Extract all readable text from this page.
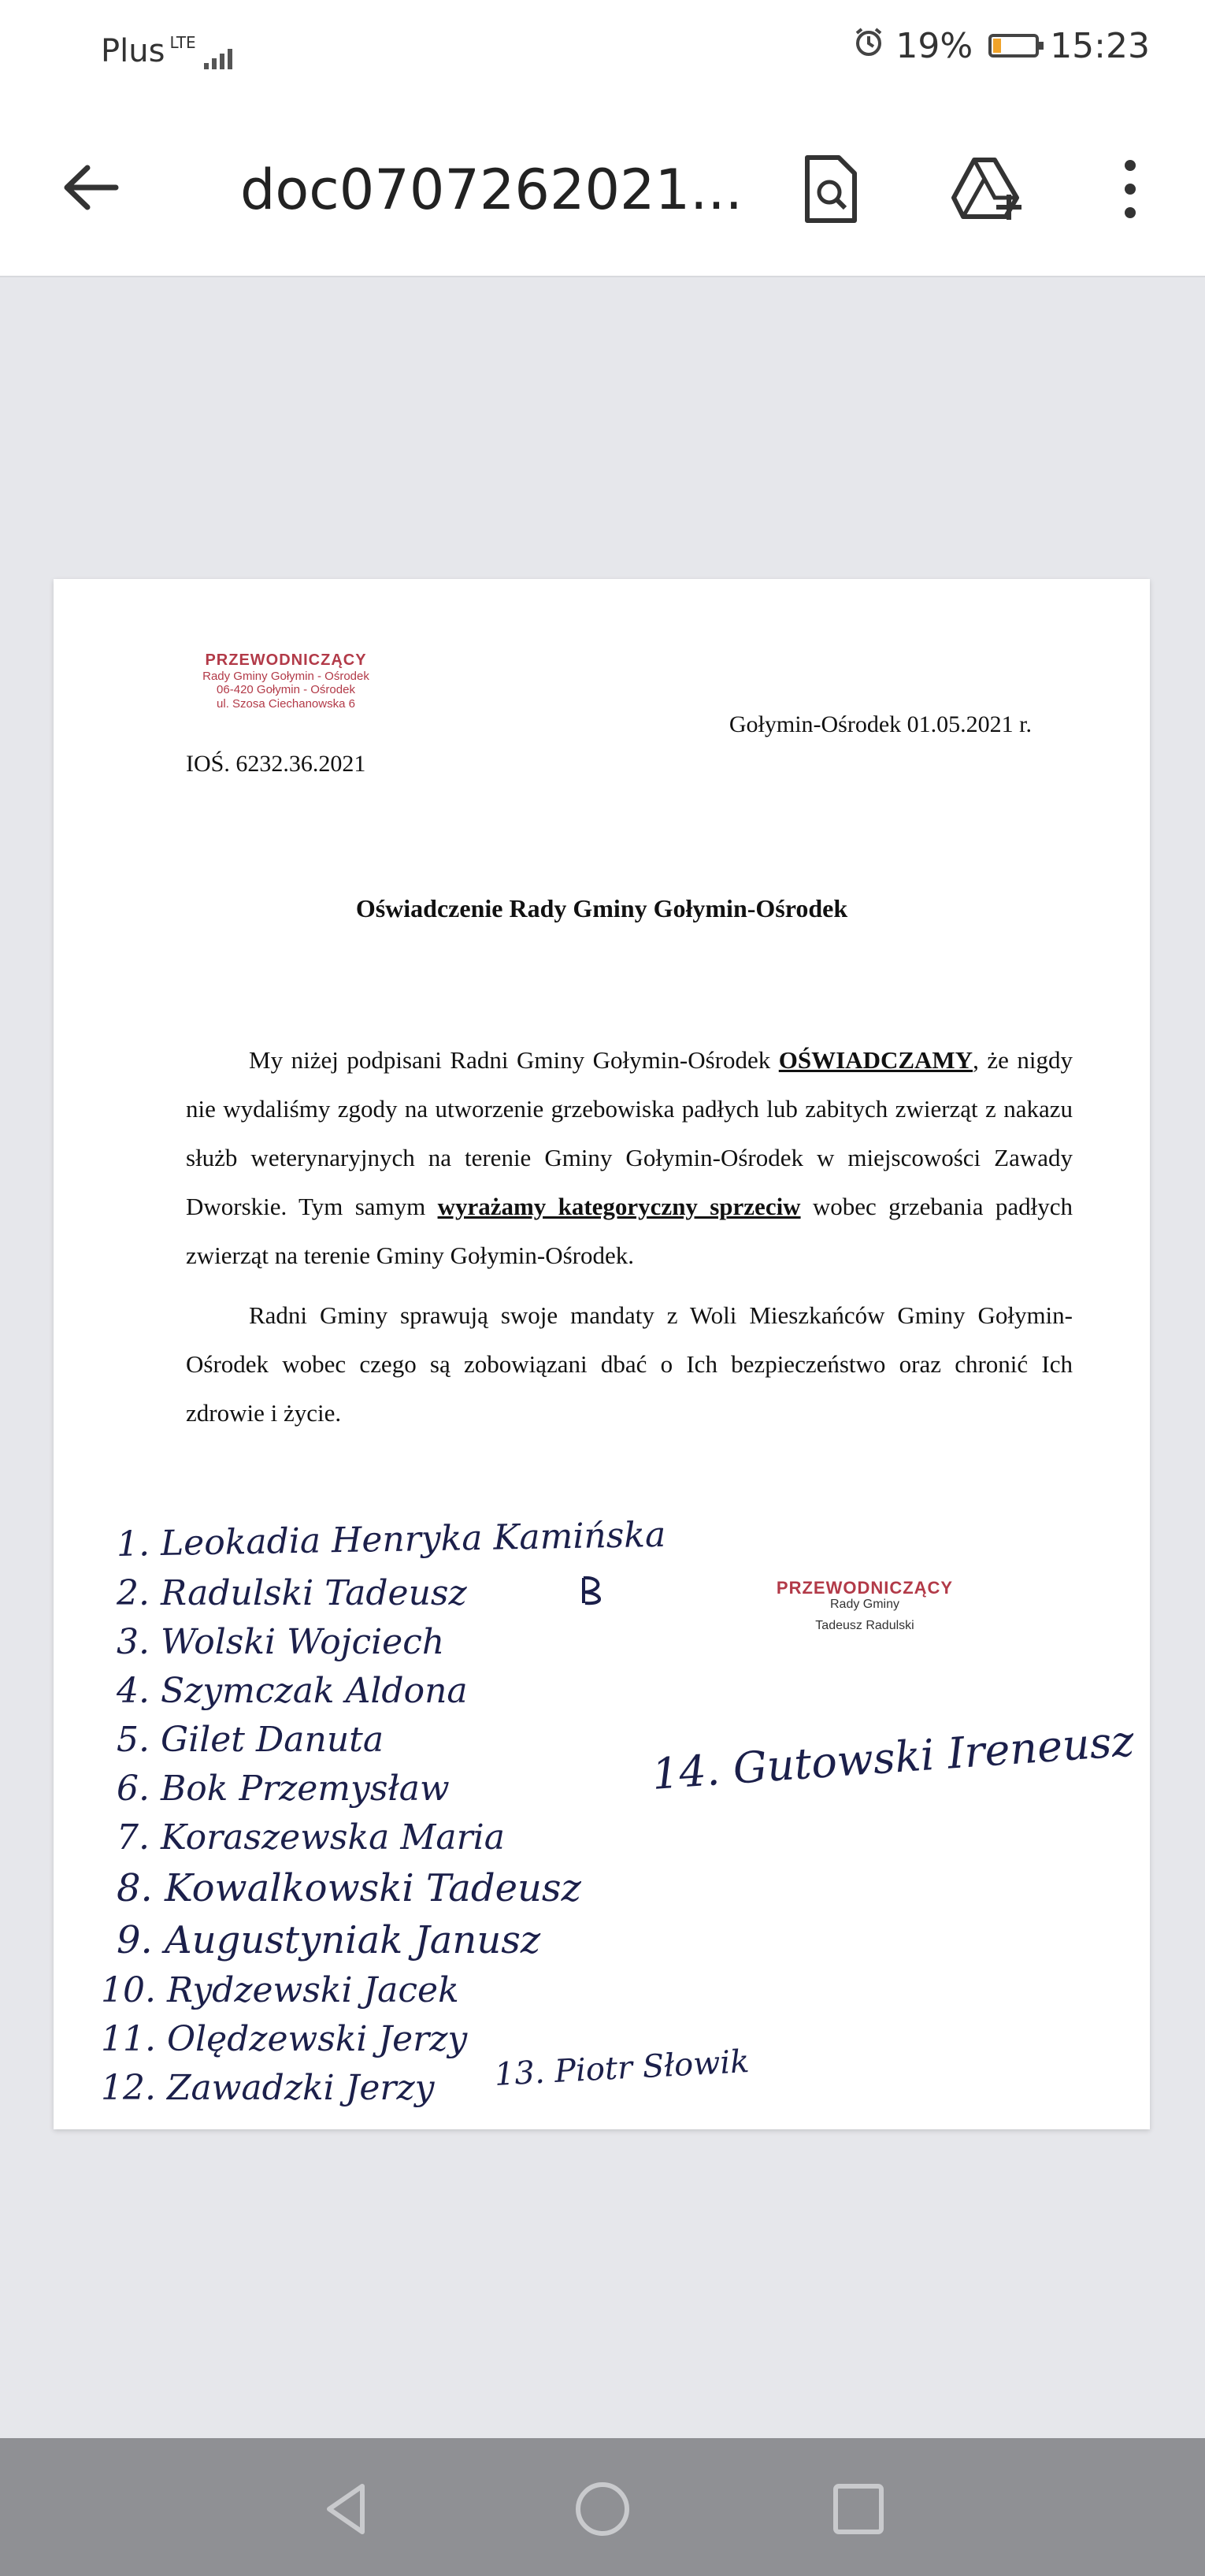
Plus LTE	19% 15:23
doc0707262021...
PRZEWODNICZĄCY
Rady Gminy Gołymin - Ośrodek
06-420 Gołymin - Ośrodek
ul. Szosa Ciechanowska 6
IOŚ. 6232.36.2021
Gołymin-Ośrodek 01.05.2021 r.
Oświadczenie Rady Gminy Gołymin-Ośrodek

My niżej podpisani Radni Gminy Gołymin-Ośrodek OŚWIADCZAMY, że nigdy nie wydaliśmy zgody na utworzenie grzebowiska padłych lub zabitych zwierząt z nakazu służb weterynaryjnych na terenie Gminy Gołymin-Ośrodek w miejscowości Zawady Dworskie. Tym samym wyrażamy kategoryczny sprzeciw wobec grzebania padłych zwierząt na terenie Gminy Gołymin-Ośrodek.

Radni Gminy sprawują swoje mandaty z Woli Mieszkańców Gminy Gołymin-Ośrodek wobec czego są zobowiązani dbać o Ich bezpieczeństwo oraz chronić Ich zdrowie i życie.

1. Leokadia Henryka Kamińska
2. Radulski Tadeusz
3. Wolski Wojciech
4. Szymczak Aldona
5. Gilet Danuta
6. Bok Przemysław
7. Koraszewska Maria
8. Kowalkowski Tadeusz
9. Augustyniak Janusz
10. Rydzewski Jacek
11. Olędzewski Jerzy
12. Zawadzki Jerzy 13. Piotr Słowik
14. Gutowski Ireneusz
PRZEWODNICZĄCY
Rady Gminy
Tadeusz Radulski
